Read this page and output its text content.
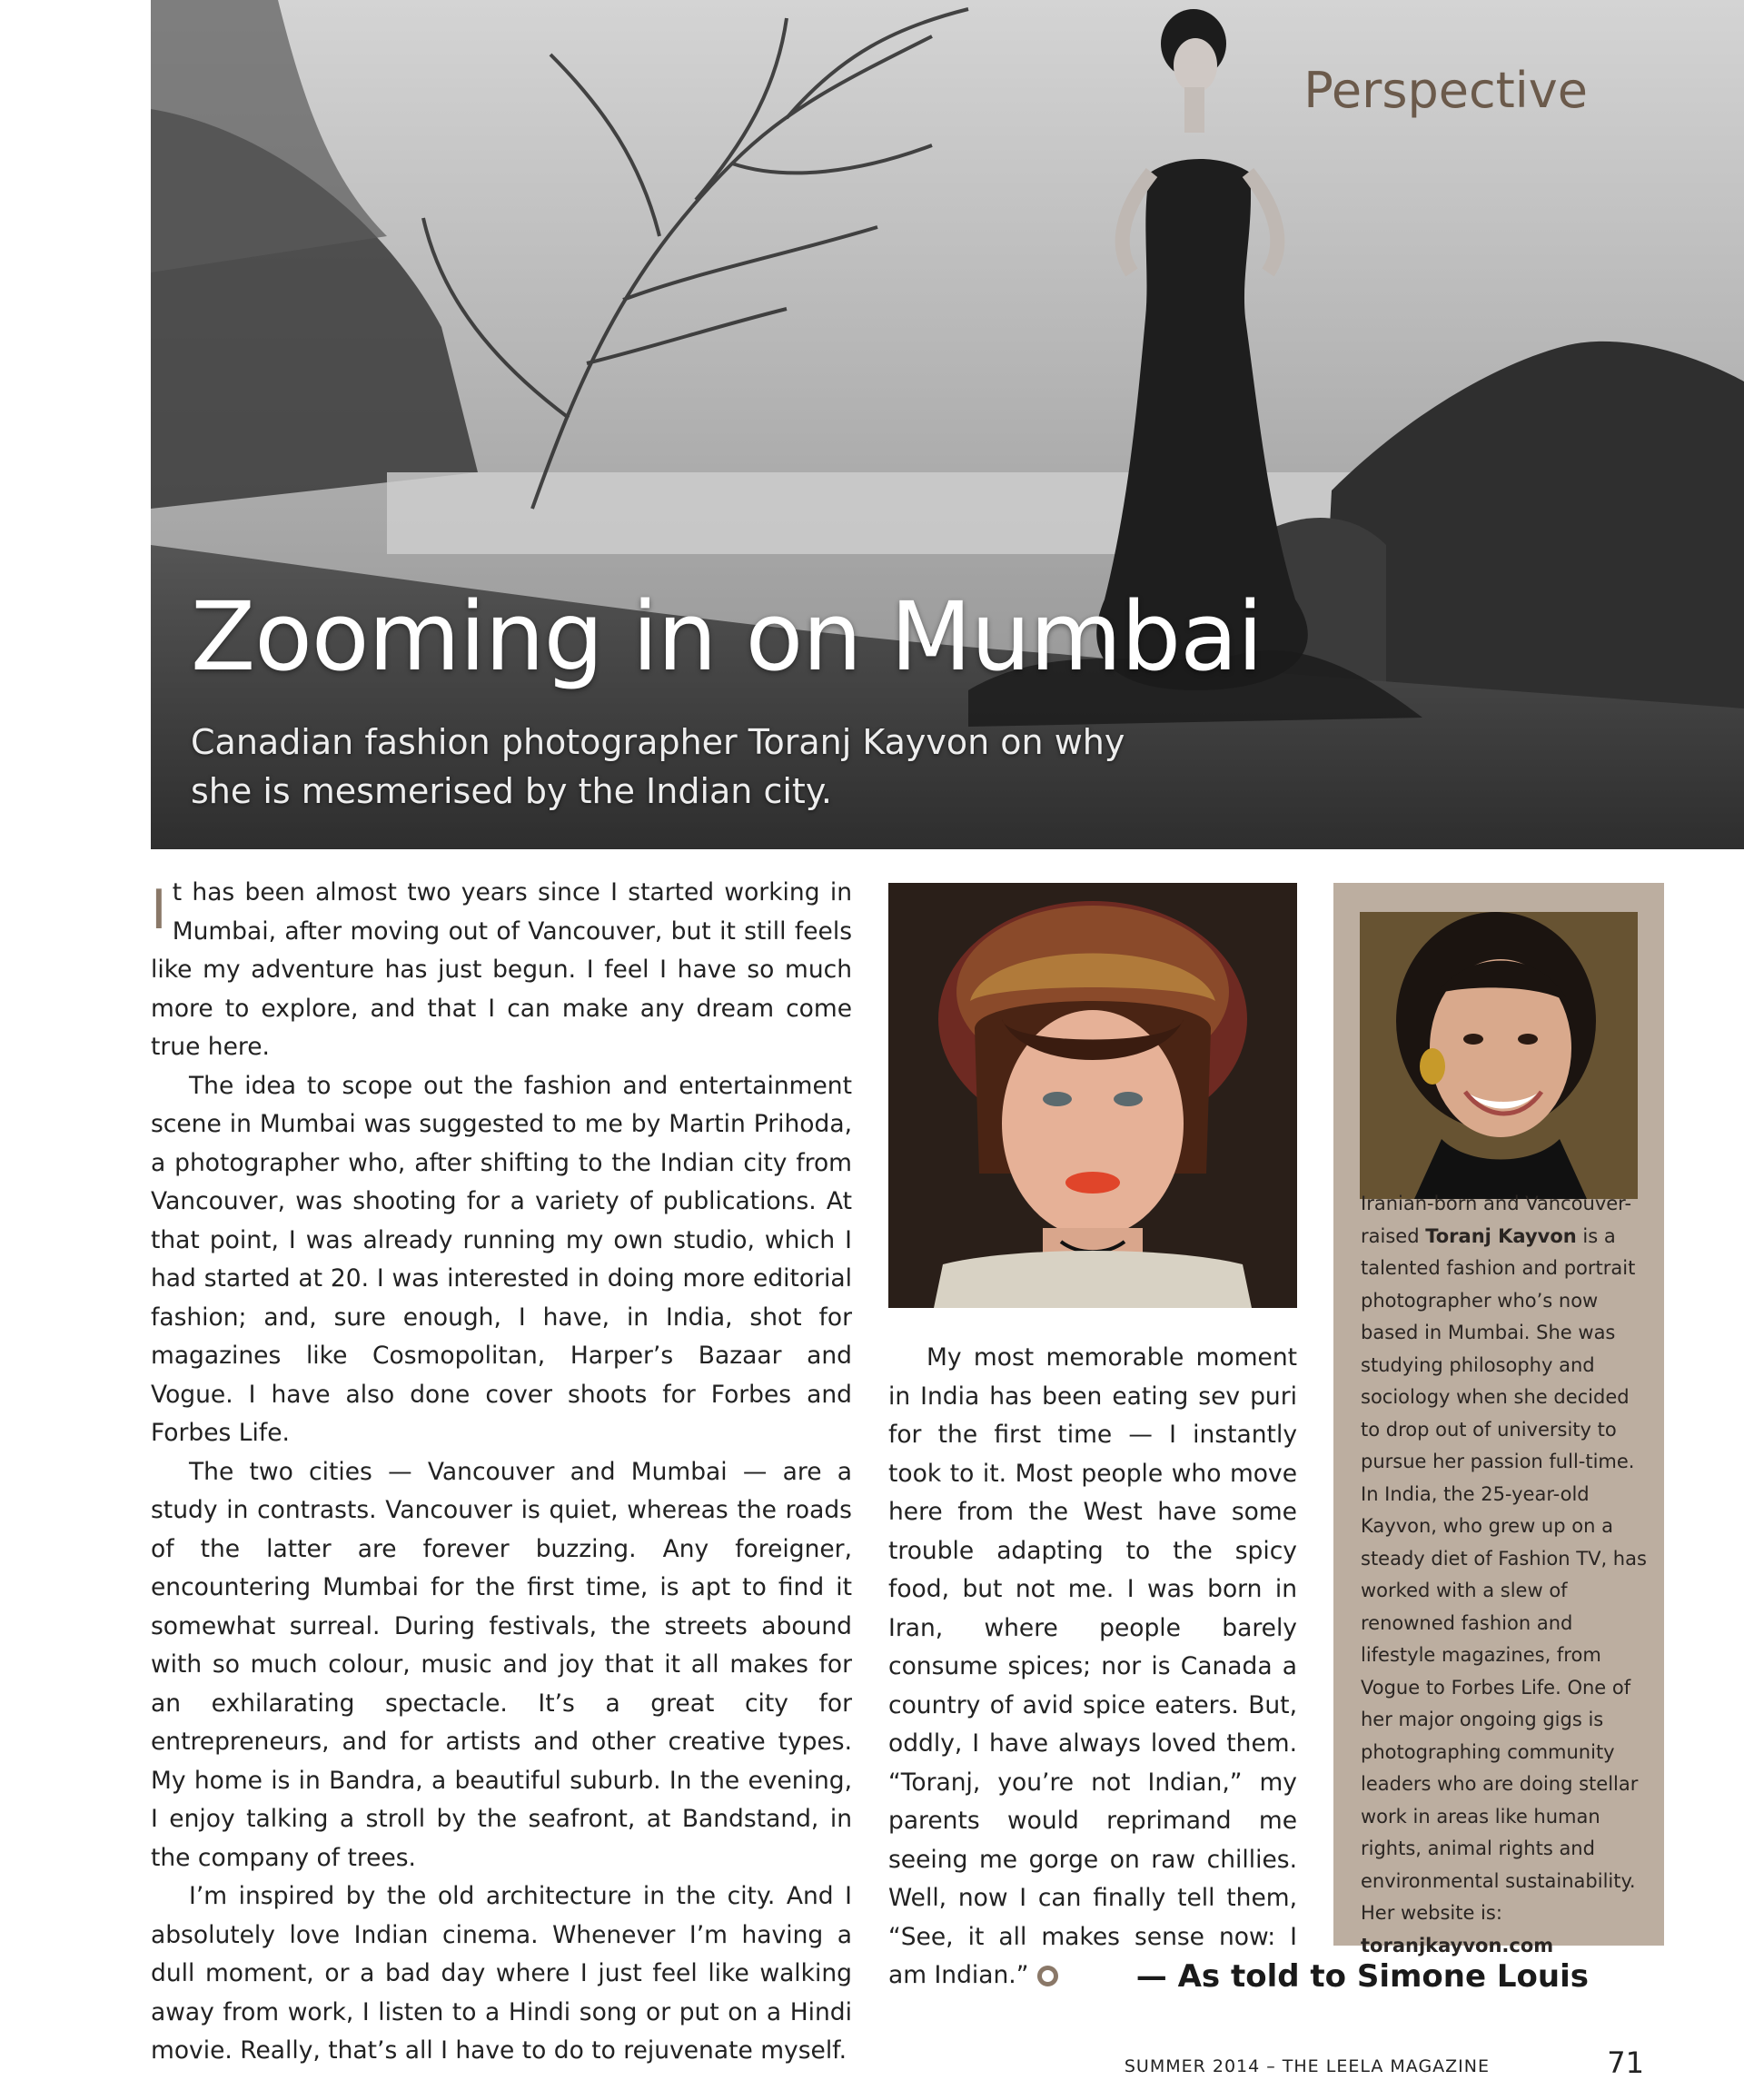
Perspective
Zooming in on Mumbai

Canadian fashion photographer Toranj Kayvon on why she is mesmerised by the Indian city.

It has been almost two years since I started working in Mumbai, after moving out of Vancouver, but it still feels like my adventure has just begun. I feel I have so much more to explore, and that I can make any dream come true here.

The idea to scope out the fashion and entertainment scene in Mumbai was suggested to me by Martin Prihoda, a photographer who, after shifting to the Indian city from Vancouver, was shooting for a variety of publications. At that point, I was already running my own studio, which I had started at 20. I was interested in doing more editorial fashion; and, sure enough, I have, in India, shot for magazines like Cosmopolitan, Harper’s Bazaar and Vogue. I have also done cover shoots for Forbes and Forbes Life.

The two cities — Vancouver and Mumbai — are a study in contrasts. Vancouver is quiet, whereas the roads of the latter are forever buzzing. Any foreigner, encountering Mumbai for the first time, is apt to find it somewhat surreal. During festivals, the streets abound with so much colour, music and joy that it all makes for an exhilarating spectacle. It’s a great city for entrepreneurs, and for artists and other creative types. My home is in Bandra, a beautiful suburb. In the evening, I enjoy talking a stroll by the seafront, at Bandstand, in the company of trees.

I’m inspired by the old architecture in the city. And I absolutely love Indian cinema. Whenever I’m having a dull moment, or a bad day where I just feel like walking away from work, I listen to a Hindi song or put on a Hindi movie. Really, that’s all I have to do to rejuvenate myself.

My most memorable moment in India has been eating sev puri for the first time — I instantly took to it. Most people who move here from the West have some trouble adapting to the spicy food, but not me. I was born in Iran, where people barely consume spices; nor is Canada a country of avid spice eaters. But, oddly, I have always loved them. “Toranj, you’re not Indian,” my parents would reprimand me seeing me gorge on raw chillies. Well, now I can finally tell them, “See, it all makes sense now: I am Indian.”

Iranian-born and Vancouver-raised Toranj Kayvon is a talented fashion and portrait photographer who’s now based in Mumbai. She was studying philosophy and sociology when she decided to drop out of university to pursue her passion full-time. In India, the 25-year-old Kayvon, who grew up on a steady diet of Fashion TV, has worked with a slew of renowned fashion and lifestyle magazines, from Vogue to Forbes Life. One of her major ongoing gigs is photographing community leaders who are doing stellar work in areas like human rights, animal rights and environmental sustainability. Her website is: toranjkayvon.com

— As told to Simone Louis

SUMMER 2014 – THE LEELA MAGAZINE	71
